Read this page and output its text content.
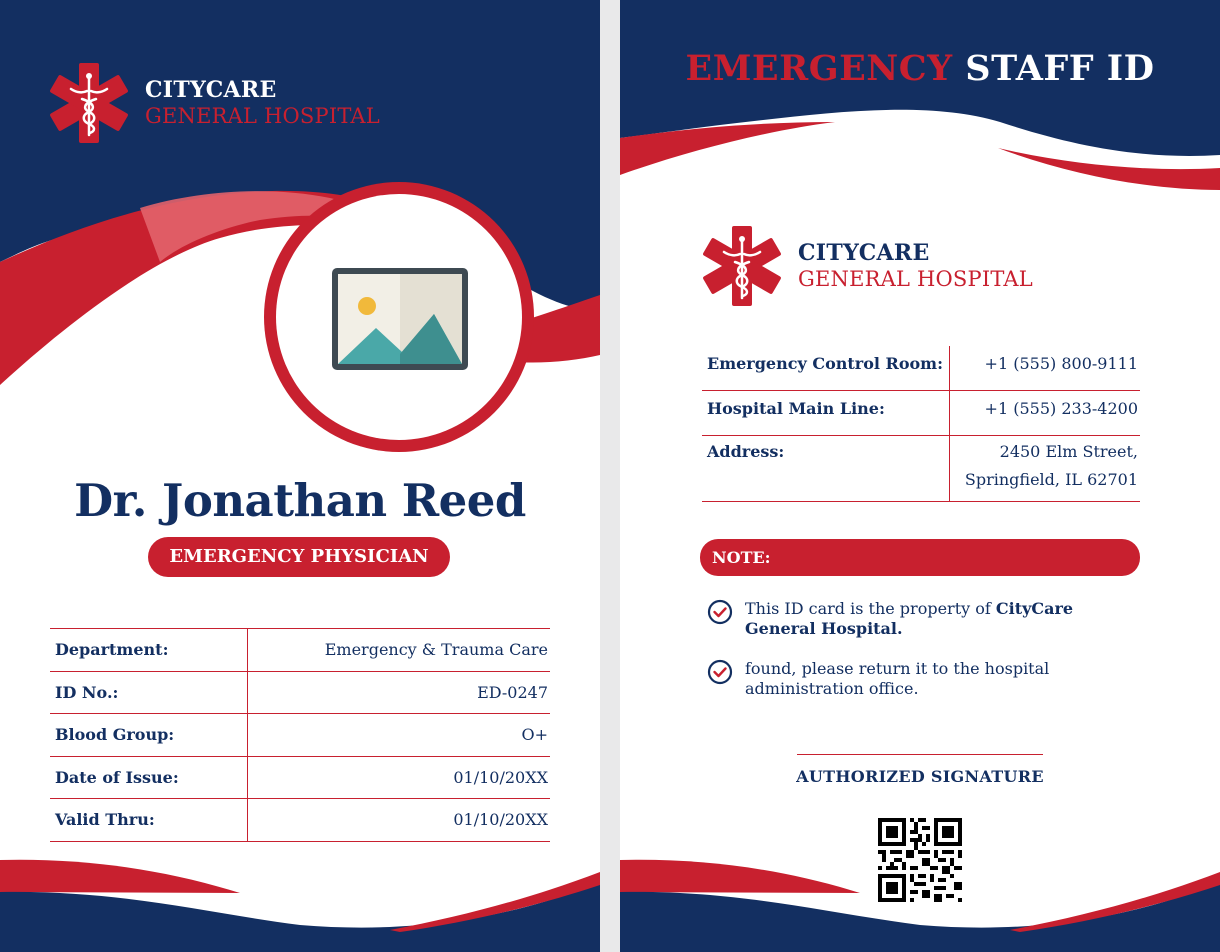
CITYCARE
GENERAL HOSPITAL
Dr. Jonathan Reed
EMERGENCY PHYSICIAN
Department:	Emergency & Trauma Care
ID No.:	ED-0247
Blood Group:	O+
Date of Issue:	01/10/20XX
Valid Thru:	01/10/20XX
EMERGENCY STAFF ID
CITYCARE
GENERAL HOSPITAL
Emergency Control Room:	+1 (555) 800-9111
Hospital Main Line:	+1 (555) 233-4200
Address:	2450 Elm Street,
Springfield, IL 62701
NOTE:
This ID card is the property of CityCare General Hospital.
found, please return it to the hospital administration office.
AUTHORIZED SIGNATURE
